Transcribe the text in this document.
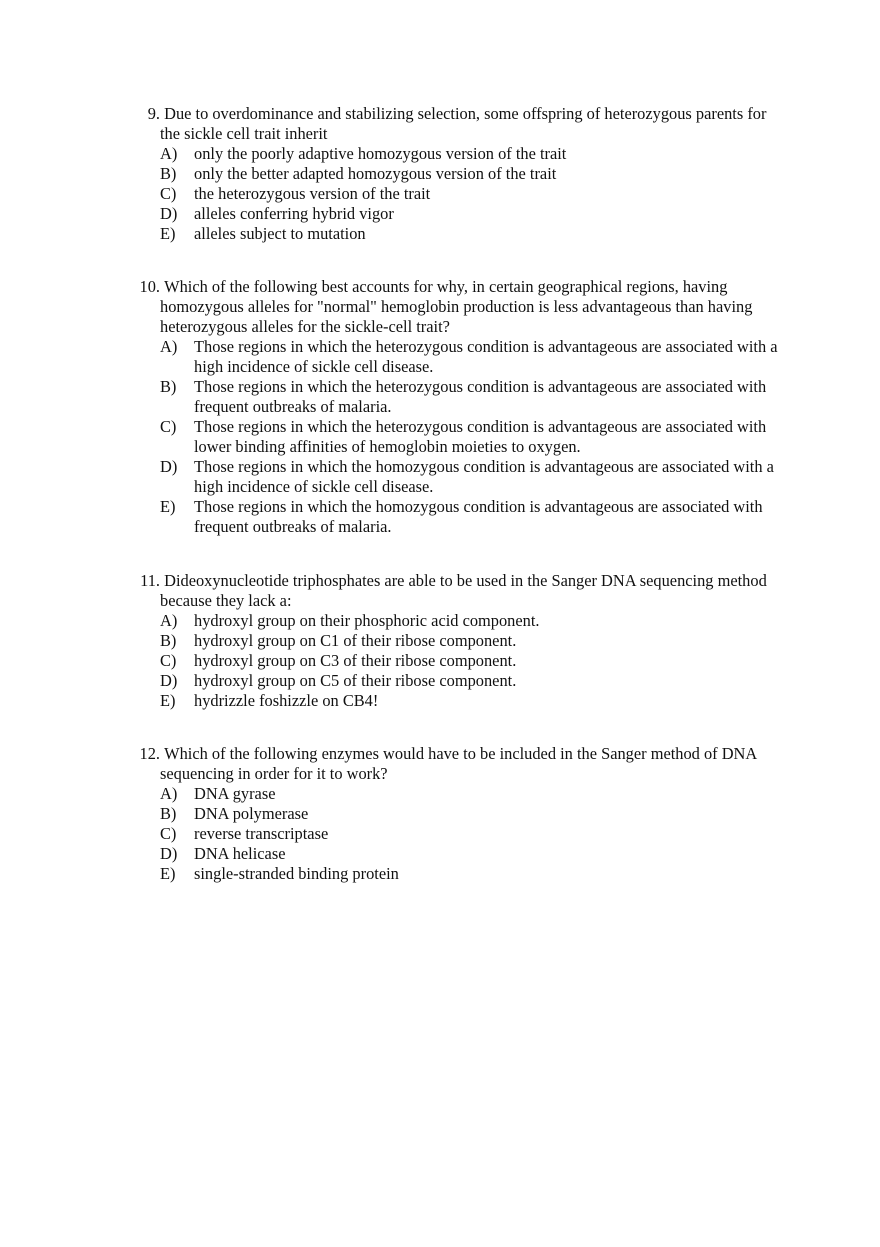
9. Due to overdominance and stabilizing selection, some offspring of heterozygous parents for the sickle cell trait inherit
A)	only the poorly adaptive homozygous version of the trait
B)	only the better adapted homozygous version of the trait
C)	the heterozygous version of the trait
D)	alleles conferring hybrid vigor
E)	alleles subject to mutation
10. Which of the following best accounts for why, in certain geographical regions, having homozygous alleles for "normal" hemoglobin production is less advantageous than having heterozygous alleles for the sickle-cell trait?
A)	Those regions in which the heterozygous condition is advantageous are associated with a high incidence of sickle cell disease.
B)	Those regions in which the heterozygous condition is advantageous are associated with frequent outbreaks of malaria.
C)	Those regions in which the heterozygous condition is advantageous are associated with lower binding affinities of hemoglobin moieties to oxygen.
D)	Those regions in which the homozygous condition is advantageous are associated with a high incidence of sickle cell disease.
E)	Those regions in which the homozygous condition is advantageous are associated with frequent outbreaks of malaria.
11. Dideoxynucleotide triphosphates are able to be used in the Sanger DNA sequencing method because they lack a:
A)	hydroxyl group on their phosphoric acid component.
B)	hydroxyl group on C1 of their ribose component.
C)	hydroxyl group on C3 of their ribose component.
D)	hydroxyl group on C5 of their ribose component.
E)	hydrizzle foshizzle on CB4!
12. Which of the following enzymes would have to be included in the Sanger method of DNA sequencing in order for it to work?
A)	DNA gyrase
B)	DNA polymerase
C)	reverse transcriptase
D)	DNA helicase
E)	single-stranded binding protein
